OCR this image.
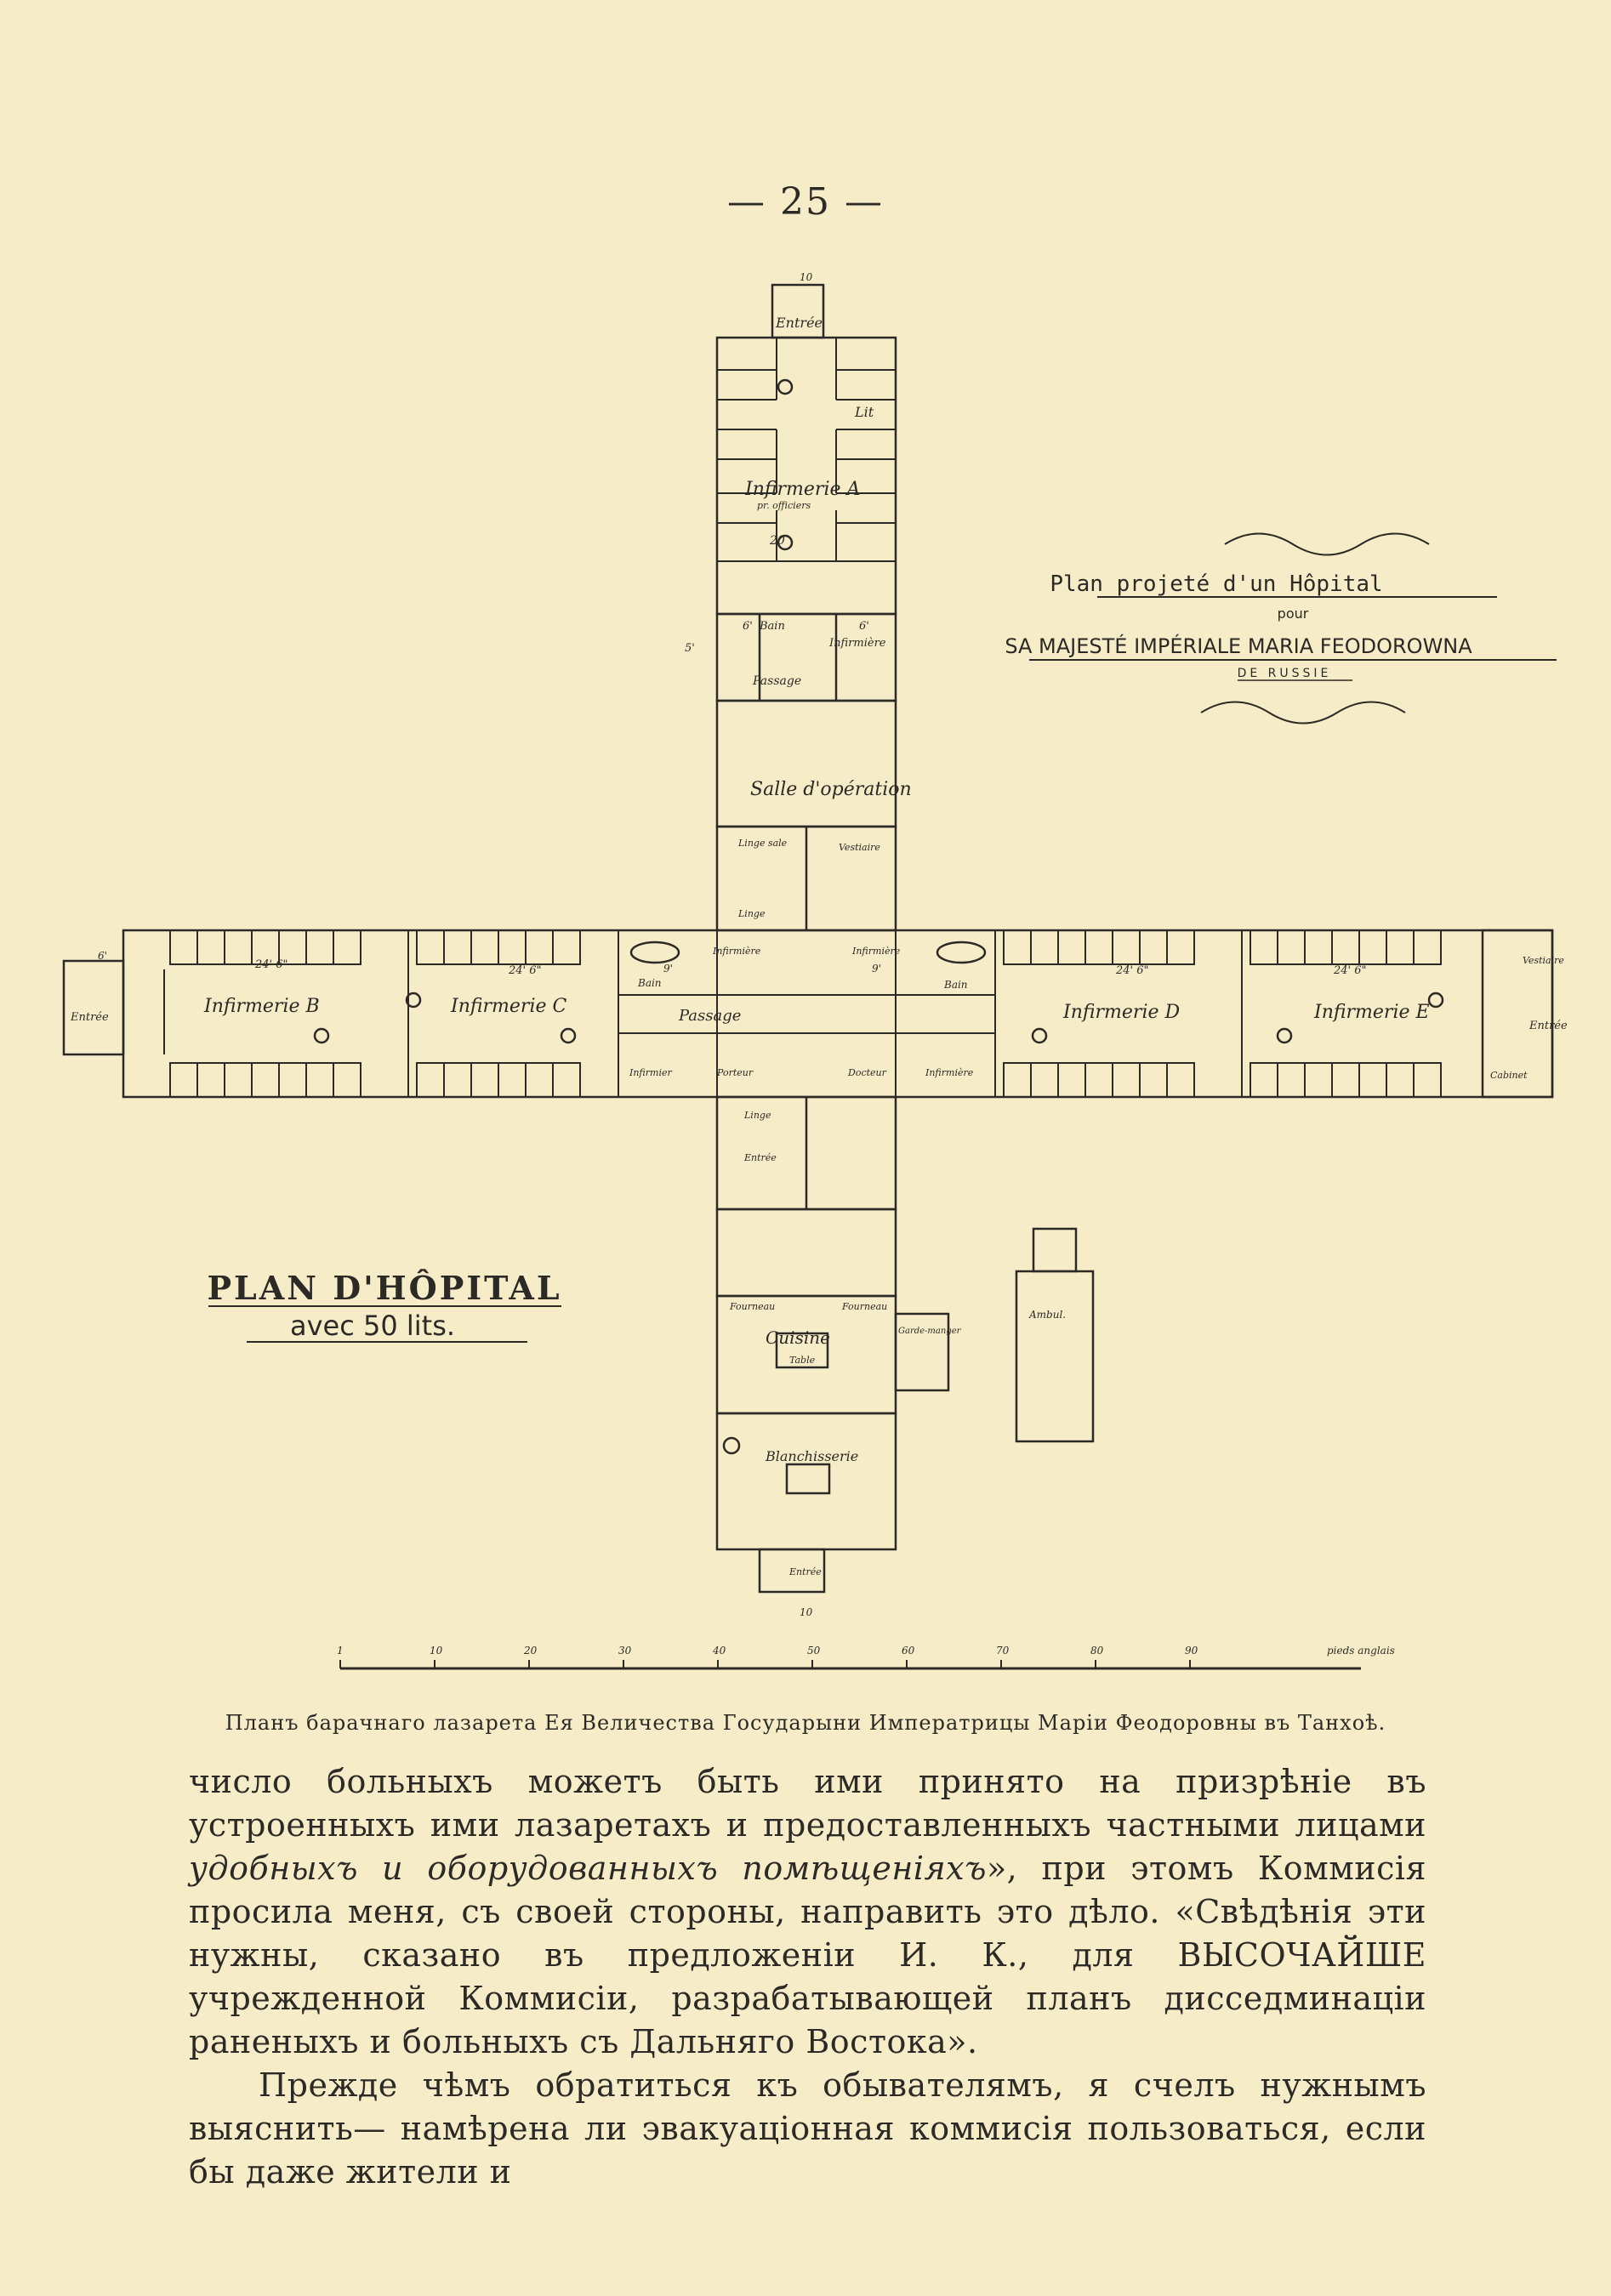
— 25 —
Entrée
Lit
Infirmerie A
pr. officiers
20
6'	6'
Bain
Infirmière
5'
Passage
Salle d'opération
Linge sale
Linge
Vestiaire
Entrée
Infirmerie B	Infirmerie C	Infirmerie D	Infirmerie E
Vestiaire
Entrée
Cabinet
24' 6"	24' 6"	24' 6"	24' 6"
Bain	Bain
Infirmière	Infirmière
Passage
Infirmier	Porteur	Docteur	Infirmière
Linge
Entrée
Fourneau	Fourneau
Cuisine
Table
Garde-manger
Blanchisserie
Entrée
Ambul.
10
10
6'
9'	9'
1	10	20	30	40	50	60	70	80	90	pieds anglais
Plan projeté d'un Hôpital
pour
SA MAJESTÉ IMPÉRIALE MARIA FEODOROWNA
DE RUSSIE
PLAN D'HÔPITAL
avec 50 lits.
Планъ барачнаго лазарета Ея Величества Государыни Императрицы Маріи Феодоровны въ Танхоѣ.

число больныхъ можетъ быть ими принято на призрѣніе въ устроенныхъ ими лазаретахъ и предоставленныхъ частными лицами удобныхъ и оборудованныхъ помѣщеніяхъ», при этомъ Коммисія просила меня, съ своей стороны, направить это дѣло. «Свѣдѣнія эти нужны, сказано въ предложеніи И. К., для ВЫСОЧАЙШЕ учрежденной Коммисіи, разрабатывающей планъ дисседминаціи раненыхъ и больныхъ съ Дальняго Востока».

Прежде чѣмъ обратиться къ обывателямъ, я счелъ нужнымъ выяснить— намѣрена ли эвакуаціонная коммисія пользоваться, если бы даже жители и
